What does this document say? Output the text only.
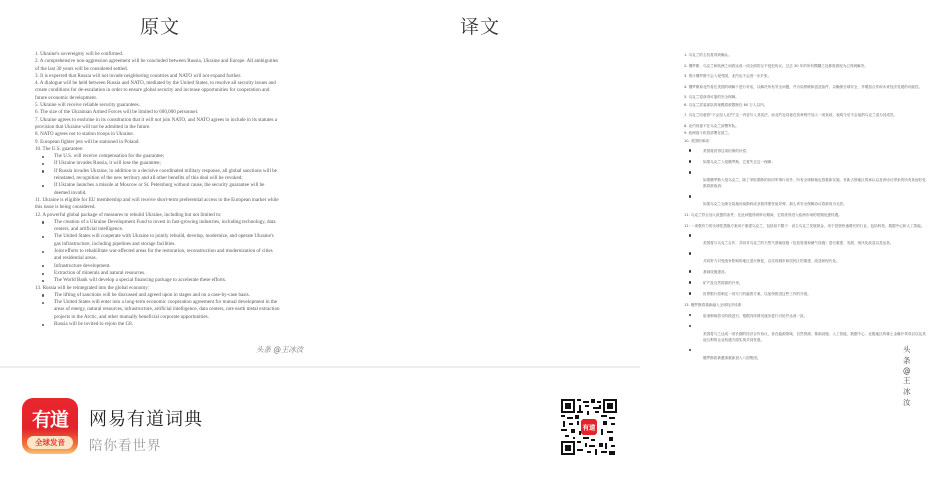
原文
1. Ukraine's sovereignty will be confirmed.
2. A comprehensive non-aggression agreement will be concluded between Russia, Ukraine and Europe. All ambiguities of the last 30 years will be considered settled.
3. It is expected that Russia will not invade neighboring countries and NATO will not expand further.
4. A dialogue will be held between Russia and NATO, mediated by the United States, to resolve all security issues and create conditions for de-escalation in order to ensure global security and increase opportunities for cooperation and future economic development.
5. Ukraine will receive reliable security guarantees.
6. The size of the Ukrainian Armed Forces will be limited to 600,000 personnel.
7. Ukraine agrees to enshrine in its constitution that it will not join NATO, and NATO agrees to include in its statutes a provision that Ukraine will not be admitted in the future.
8. NATO agrees not to station troops in Ukraine.
9. European fighter jets will be stationed in Poland.
10. The U.S. guarantee:
The U.S. will receive compensation for the guarantee;
If Ukraine invades Russia, it will lose the guarantee;
If Russia invades Ukraine, in addition to a decisive coordinated military response, all global sanctions will be reinstated, recognition of the new territory and all other benefits of this deal will be revoked;
If Ukraine launches a missile at Moscow or St. Petersburg without cause, the security guarantee will be deemed invalid.
11. Ukraine is eligible for EU membership and will receive short-term preferential access to the European market while this issue is being considered.
12. A powerful global package of measures to rebuild Ukraine, including but not limited to:
The creation of a Ukraine Development Fund to invest in fast-growing industries, including technology, data centers, and artificial intelligence.
The United States will cooperate with Ukraine to jointly rebuild, develop, modernize, and operate Ukraine's gas infrastructure, including pipelines and storage facilities.
Joint efforts to rehabilitate war-affected areas for the restoration, reconstruction and modernization of cities and residential areas.
Infrastructure development.
Extraction of minerals and natural resources.
The World Bank will develop a special financing package to accelerate these efforts.
13. Russia will be reintegrated into the global economy:
The lifting of sanctions will be discussed and agreed upon in stages and on a case-by-case basis.
The United States will enter into a long-term economic cooperation agreement for mutual development in the areas of energy, natural resources, infrastructure, artificial intelligence, data centers, rare earth metal extraction projects in the Arctic, and other mutually beneficial corporate opportunities.
Russia will be invited to rejoin the G8.
头条 @王冰汝
译文
1. 乌克兰的主权将得到确认。
2. 俄罗斯、乌克兰和欧洲之间将达成一项全面的互不侵犯协议。过去 30 年的所有模糊之处都将被视为已得到解决。
3. 预计俄罗斯不会入侵邻国，北约也不会进一步扩张。
4. 俄罗斯和北约将在美国的调解下进行对话，以解决所有安全问题，并为局势缓和创造条件，以确保全球安全，并增加合作和未来经济发展的可能性。
5. 乌克兰将获得可靠的安全保障。
6. 乌克兰武装部队的规模将被限制在 60 万人以内。
7. 乌克兰同意将“不会加入北约”这一内容写入其宪法，而北约也同意在其章程中加入一项条款，表明今后不会接纳乌克兰成为其成员。
8. 北约同意不在乌克兰部署军队。
9. 欧洲战斗机将部署在波兰。
10. 美国的承诺：
美国将获得这项担保的补偿；
如果乌克兰入侵俄罗斯，它将失去这一保障；
如果俄罗斯入侵乌克兰，除了采取果断的协同军事行动外，所有全球制裁也将重新实施，对新占领地区的承认以及该协议带来的所有其他好处都将被取消；
如果乌克兰无缘无故地向莫斯科或圣彼得堡发射导弹，那么该安全保障协议将被视为无效。
11. 乌克兰符合加入欧盟的条件，在此问题得到审议期间，它将获得进入欧洲市场的短期优惠待遇。
12. 一项强有力的全球性措施方案用于重建乌克兰，包括但不限于：设立乌克兰发展基金，用于投资快速增长的行业，包括科技、数据中心和人工智能。
美国将与乌克兰合作，共同对乌克兰的天然气基础设施（包括管道和储气设施）进行重建、发展、现代化改造以及运营。
共同努力对受战争影响的地区进行修复，以实现城市和居民区的重建、改造和现代化。
基础设施建设。
矿产及自然资源的开采。
世界银行将制定一项专门的融资方案，以加快推进这些工作的开展。
13. 俄罗斯将重新融入全球经济体系：
取消制裁将分阶段进行，根据具体情况逐步进行讨论并达成一致。
美国将与之达成一项长期的经济合作协议，旨在能源领域、自然资源、基础设施、人工智能、数据中心、北极地区的稀土金属开采项目以及其他互利的企业机遇方面实现共同发展。
俄罗斯将被邀请重新加入八国集团。
头条@王冰汝
有道
全球发音
网易有道词典
陪你看世界
有道
